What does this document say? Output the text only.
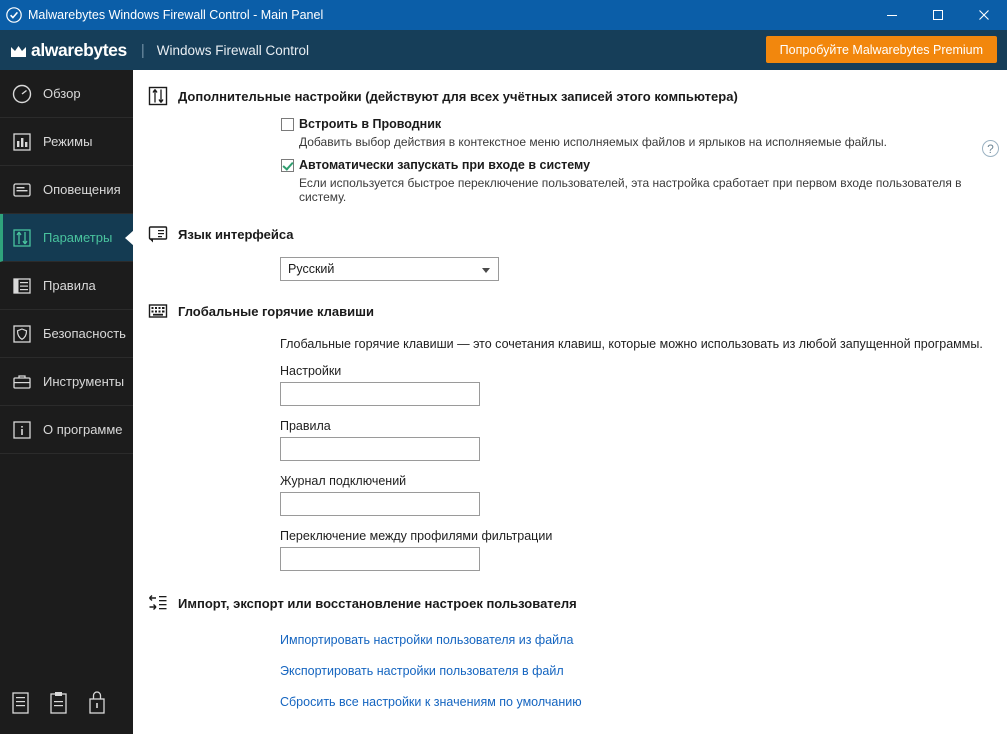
Malwarebytes Windows Firewall Control - Main Panel
alwarebytes | Windows Firewall Control	Попробуйте Malwarebytes Premium
Обзор
Режимы
Оповещения
Параметры
Правила
Безопасность
Инструменты
О программе
?
Дополнительные настройки (действуют для всех учётных записей этого компьютера)
Встроить в Проводник
Добавить выбор действия в контекстное меню исполняемых файлов и ярлыков на исполняемые файлы.
Автоматически запускать при входе в систему
Если используется быстрое переключение пользователей, эта настройка сработает при первом входе пользователя в систему.
Язык интерфейса
Русский
Глобальные горячие клавиши
Глобальные горячие клавиши — это сочетания клавиш, которые можно использовать из любой запущенной программы.
Настройки
Правила
Журнал подключений
Переключение между профилями фильтрации
Импорт, экспорт или восстановление настроек пользователя
Импортировать настройки пользователя из файла
Экспортировать настройки пользователя в файл
Сбросить все настройки к значениям по умолчанию
